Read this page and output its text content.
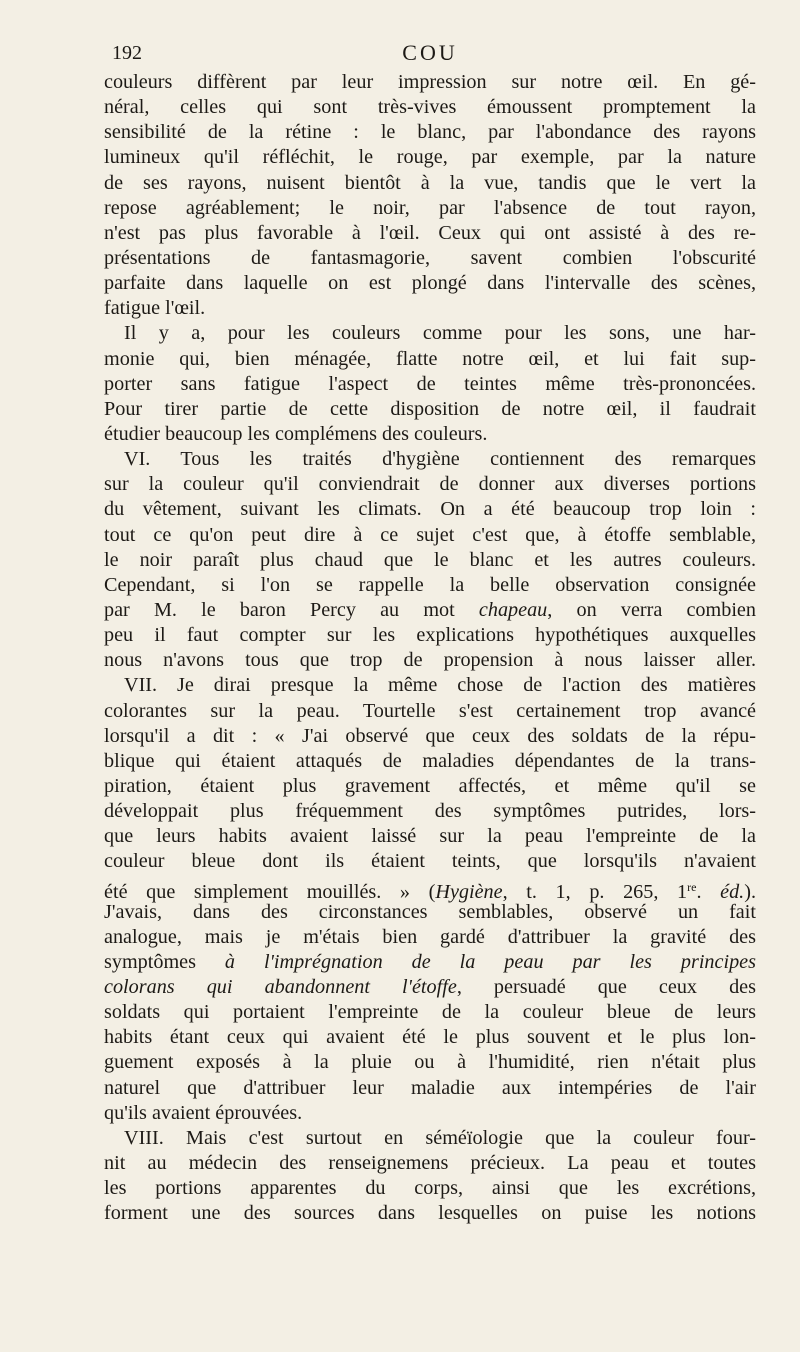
192	COU
couleurs diffèrent par leur impression sur notre œil. En gé-
néral, celles qui sont très-vives émoussent promptement la
sensibilité de la rétine : le blanc, par l'abondance des rayons
lumineux qu'il réfléchit, le rouge, par exemple, par la nature
de ses rayons, nuisent bientôt à la vue, tandis que le vert la
repose agréablement; le noir, par l'absence de tout rayon,
n'est pas plus favorable à l'œil. Ceux qui ont assisté à des re-
présentations de fantasmagorie, savent combien l'obscurité
parfaite dans laquelle on est plongé dans l'intervalle des scènes,
fatigue l'œil.
Il y a, pour les couleurs comme pour les sons, une har-
monie qui, bien ménagée, flatte notre œil, et lui fait sup-
porter sans fatigue l'aspect de teintes même très-prononcées.
Pour tirer partie de cette disposition de notre œil, il faudrait
étudier beaucoup les complémens des couleurs.
VI. Tous les traités d'hygiène contiennent des remarques
sur la couleur qu'il conviendrait de donner aux diverses portions
du vêtement, suivant les climats. On a été beaucoup trop loin :
tout ce qu'on peut dire à ce sujet c'est que, à étoffe semblable,
le noir paraît plus chaud que le blanc et les autres couleurs.
Cependant, si l'on se rappelle la belle observation consignée
par M. le baron Percy au mot chapeau, on verra combien
peu il faut compter sur les explications hypothétiques auxquelles
nous n'avons tous que trop de propension à nous laisser aller.
VII. Je dirai presque la même chose de l'action des matières
colorantes sur la peau. Tourtelle s'est certainement trop avancé
lorsqu'il a dit : « J'ai observé que ceux des soldats de la répu-
blique qui étaient attaqués de maladies dépendantes de la trans-
piration, étaient plus gravement affectés, et même qu'il se
développait plus fréquemment des symptômes putrides, lors-
que leurs habits avaient laissé sur la peau l'empreinte de la
couleur bleue dont ils étaient teints, que lorsqu'ils n'avaient
été que simplement mouillés. » (Hygiène, t. 1, p. 265, 1re. éd.).
J'avais, dans des circonstances semblables, observé un fait
analogue, mais je m'étais bien gardé d'attribuer la gravité des
symptômes à l'imprégnation de la peau par les principes
colorans qui abandonnent l'étoffe, persuadé que ceux des
soldats qui portaient l'empreinte de la couleur bleue de leurs
habits étant ceux qui avaient été le plus souvent et le plus lon-
guement exposés à la pluie ou à l'humidité, rien n'était plus
naturel que d'attribuer leur maladie aux intempéries de l'air
qu'ils avaient éprouvées.
VIII. Mais c'est surtout en séméïologie que la couleur four-
nit au médecin des renseignemens précieux. La peau et toutes
les portions apparentes du corps, ainsi que les excrétions,
forment une des sources dans lesquelles on puise les notions
